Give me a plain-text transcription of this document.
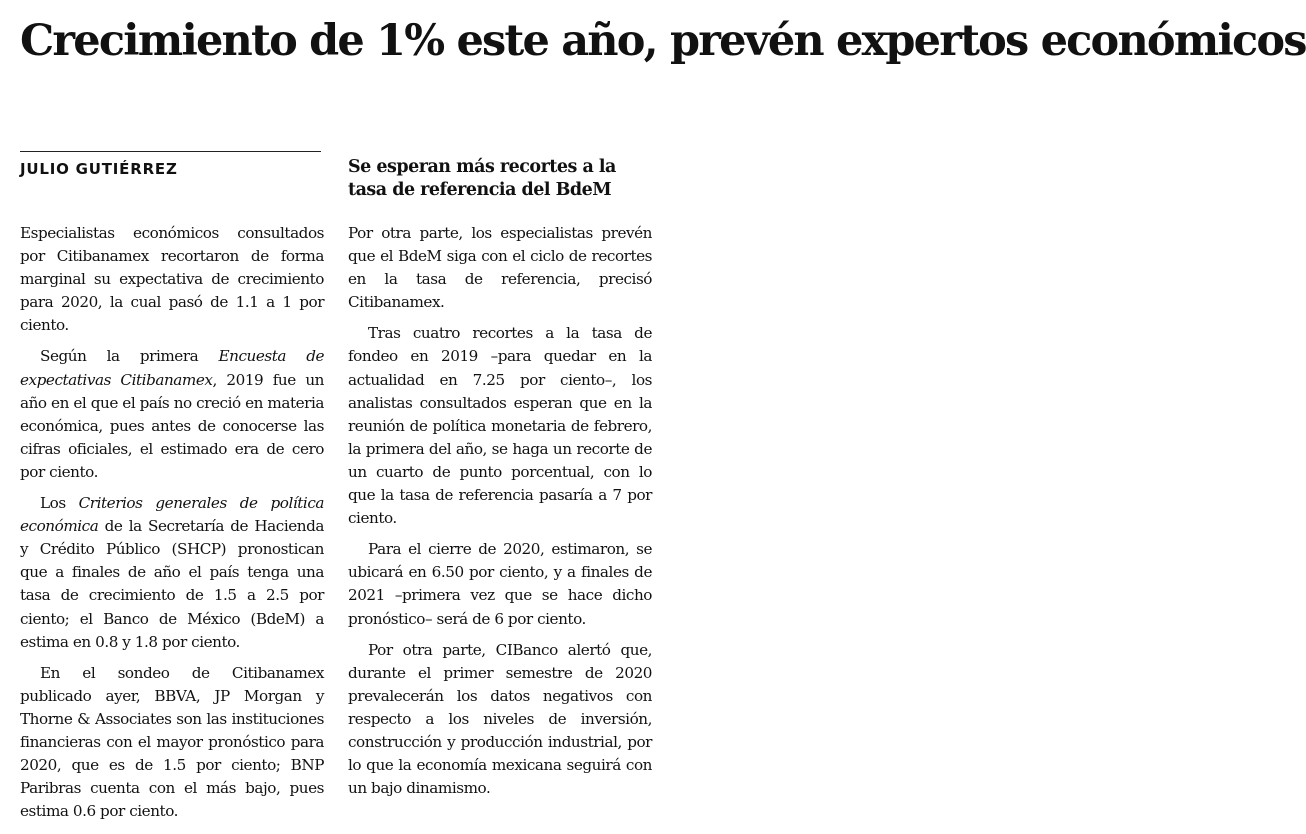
Crecimiento de 1% este año, prevén expertos económicos
JULIO GUTIÉRREZ	Se esperan más recortes a la tasa de referencia del BdeM

Especialistas económicos consultados por Citibanamex recortaron de forma marginal su expectativa de crecimiento para 2020, la cual pasó de 1.1 a 1 por ciento.

Según la primera Encuesta de expectativas Citibanamex, 2019 fue un año en el que el país no creció en materia económica, pues antes de conocerse las cifras oficiales, el estimado era de cero por ciento.

Los Criterios generales de política económica de la Secretaría de Hacienda y Crédito Público (SHCP) pronostican que a finales de año el país tenga una tasa de crecimiento de 1.5 a 2.5 por ciento; el Banco de México (BdeM) a estima en 0.8 y 1.8 por ciento.

En el sondeo de Citibanamex publicado ayer, BBVA, JP Morgan y Thorne & Associates son las instituciones financieras con el mayor pronóstico para 2020, que es de 1.5 por ciento; BNP Paribras cuenta con el más bajo, pues estima 0.6 por ciento.

Por otra parte, los especialistas prevén que el BdeM siga con el ciclo de recortes en la tasa de referencia, precisó Citibanamex.

Tras cuatro recortes a la tasa de fondeo en 2019 –para quedar en la actualidad en 7.25 por ciento–, los analistas consultados esperan que en la reunión de política monetaria de febrero, la primera del año, se haga un recorte de un cuarto de punto porcentual, con lo que la tasa de referencia pasaría a 7 por ciento.

Para el cierre de 2020, estimaron, se ubicará en 6.50 por ciento, y a finales de 2021 –primera vez que se hace dicho pronóstico– será de 6 por ciento.

Por otra parte, CIBanco alertó que, durante el primer semestre de 2020 prevalecerán los datos negativos con respecto a los niveles de inversión, construcción y producción industrial, por lo que la economía mexicana seguirá con un bajo dinamismo.
